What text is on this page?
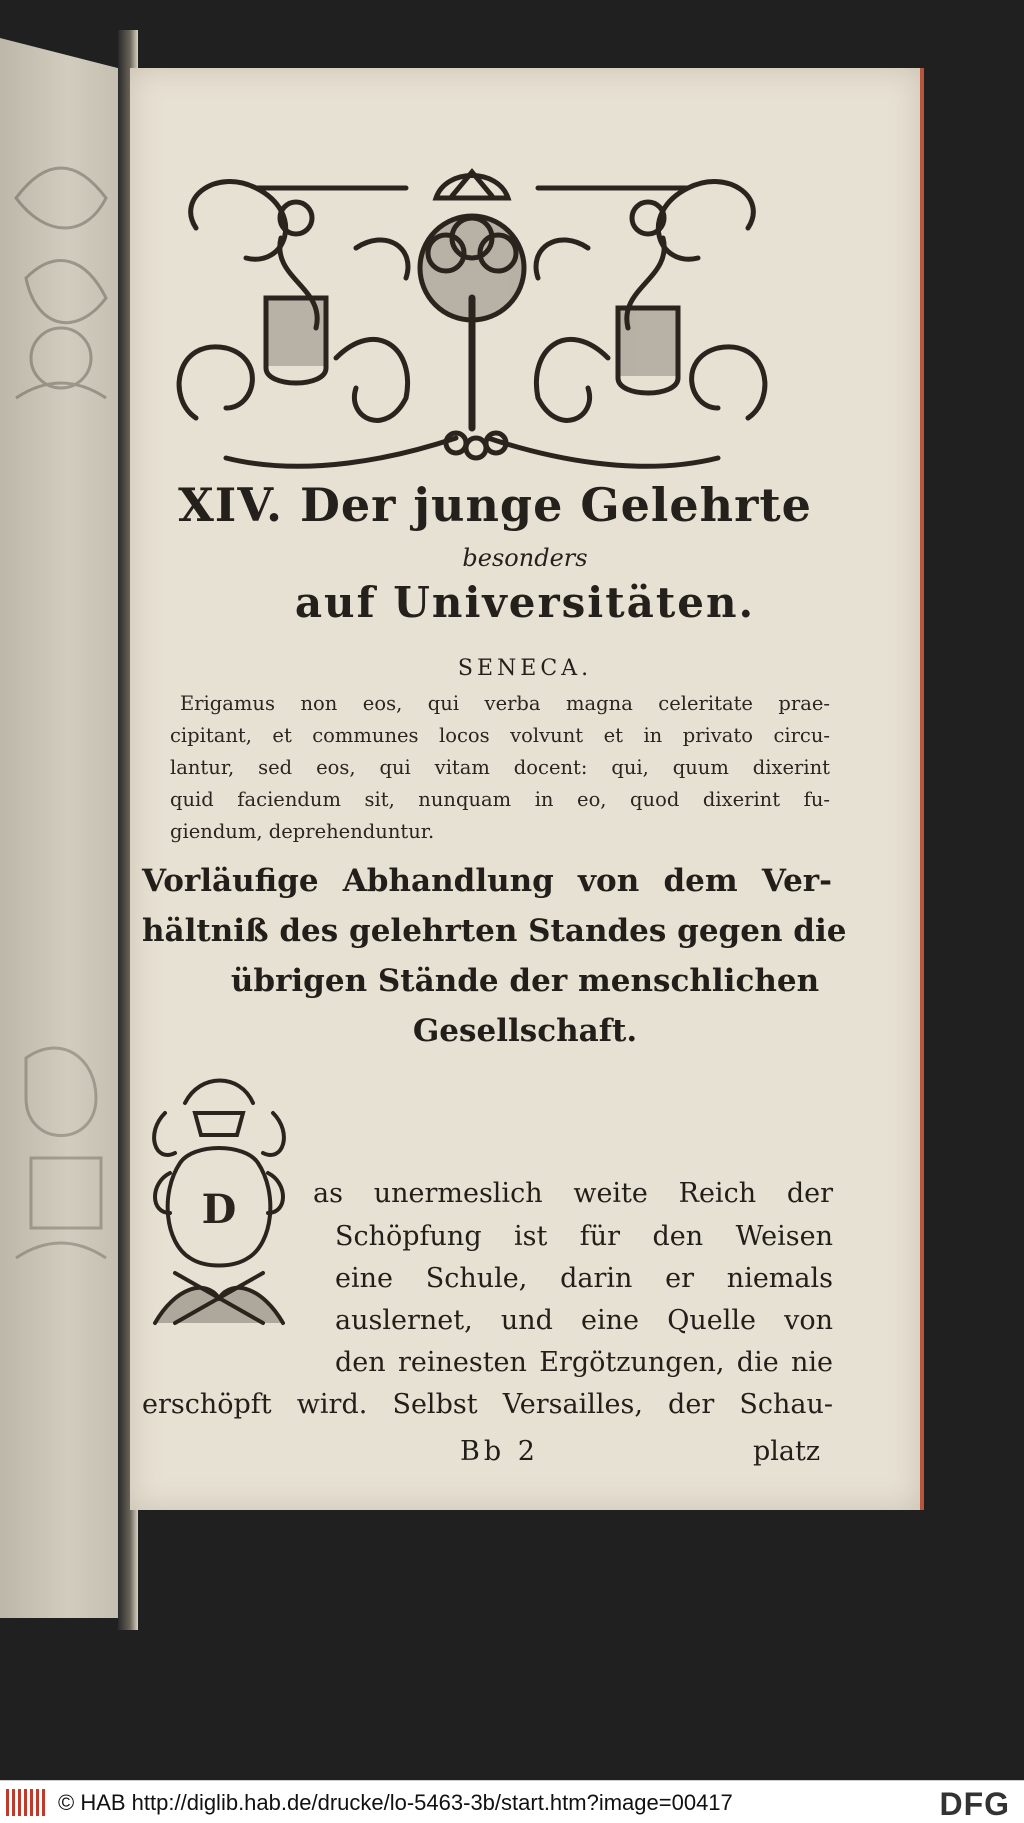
XIV. Der junge Gelehrte

besonders

auf Universitäten.

SENECA.

Erigamus non eos, qui verba magna celeritate prae-

cipitant, et communes locos volvunt et in privato circu-

lantur, sed eos, qui vitam docent: qui, quum dixerint

quid faciendum sit, nunquam in eo, quod dixerint fu-

giendum, deprehenduntur.

Vorläufige Abhandlung von dem Ver-

hältniß des gelehrten Standes gegen die

übrigen Stände der menschlichen

Gesellschaft.

D	as unermeslich weite Reich der

Schöpfung ist für den Weisen

eine Schule, darin er niemals

auslernet, und eine Quelle von

den reinesten Ergötzungen, die nie

erschöpft wird. Selbst Versailles, der Schau-

Bb 2	platz

© HAB http://diglib.hab.de/drucke/lo-5463-3b/start.htm?image=00417	DFG
